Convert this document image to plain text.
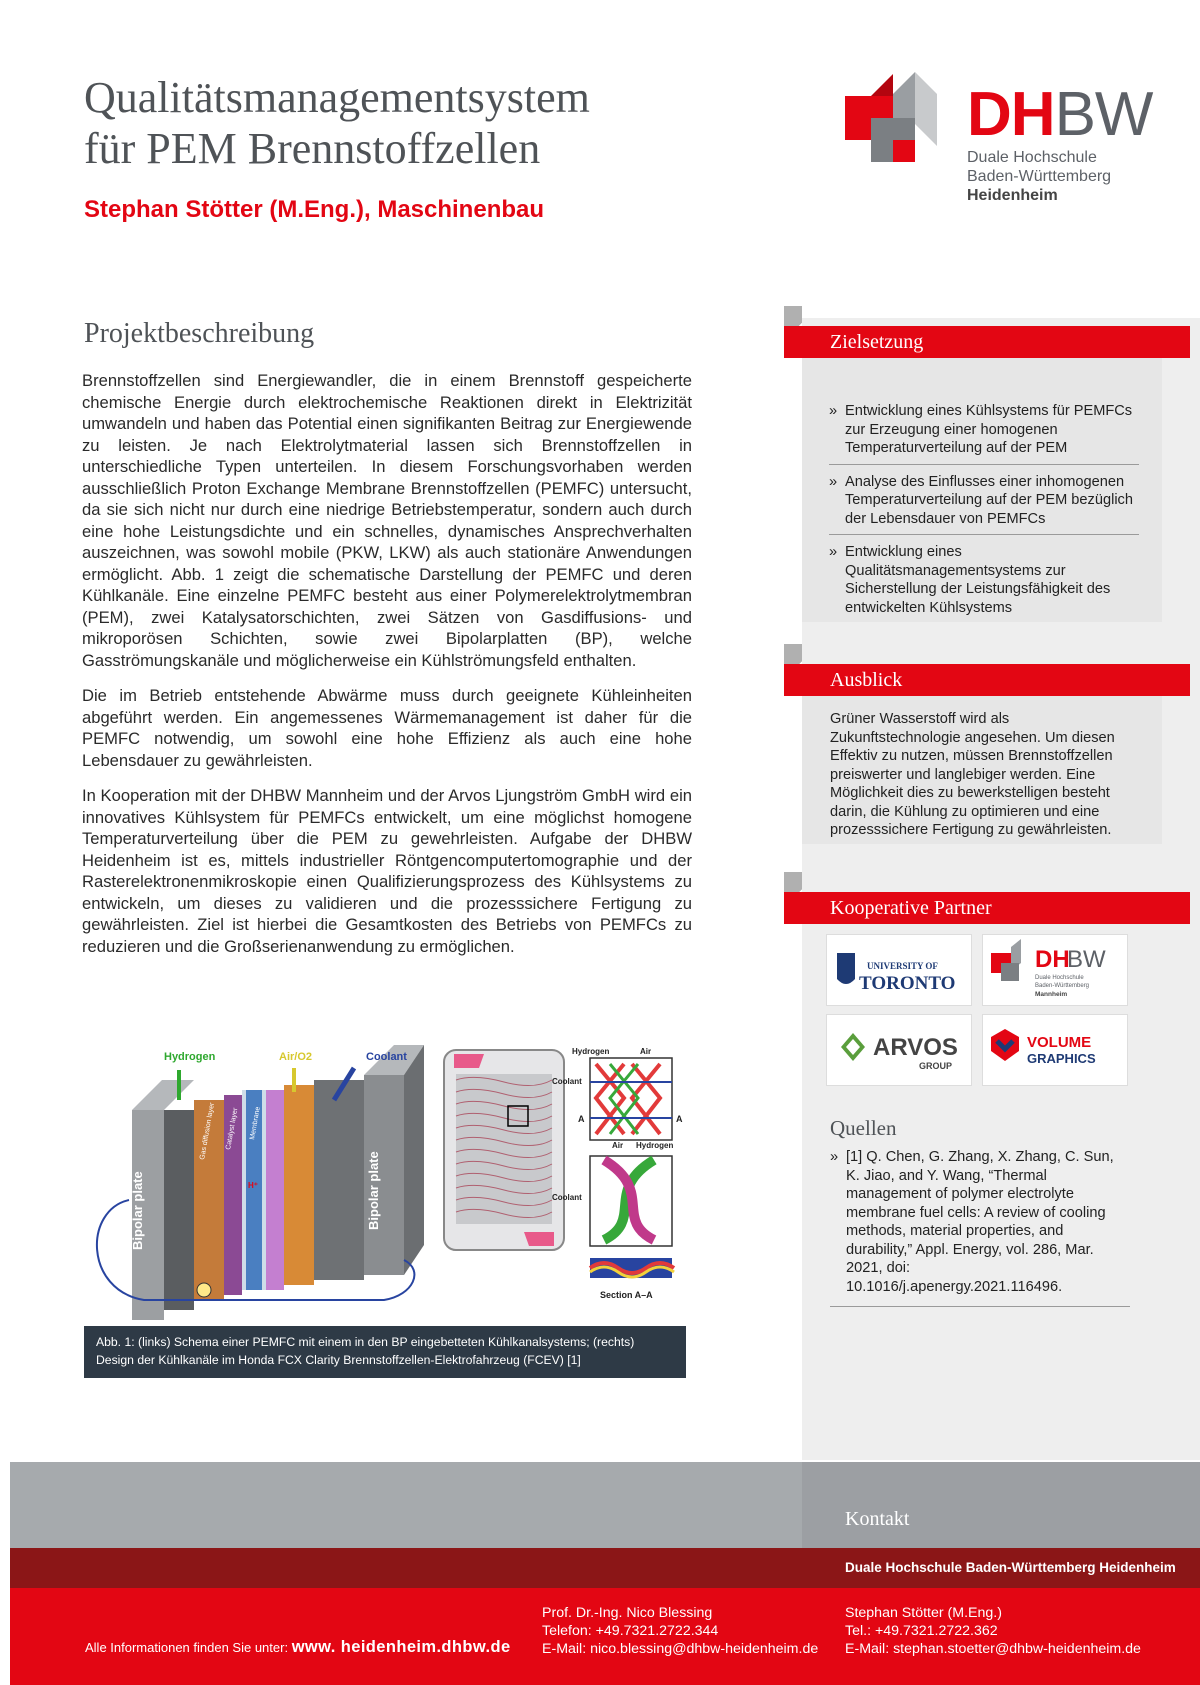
Qualitätsmanagementsystem
für PEM Brennstoffzellen
Stephan Stötter (M.Eng.), Maschinenbau
DHBW
Duale Hochschule
Baden-Württemberg
Heidenheim
Projektbeschreibung

Brennstoffzellen sind Energiewandler, die in einem Brennstoff gespeicherte chemische Energie durch elektrochemische Reaktionen direkt in Elektrizität umwandeln und haben das Potential einen signifikanten Beitrag zur Energiewende zu leisten. Je nach Elektrolytmaterial lassen sich Brennstoffzellen in unterschiedliche Typen unterteilen. In diesem Forschungsvorhaben werden ausschließlich Proton Exchange Membrane Brennstoffzellen (PEMFC) untersucht, da sie sich nicht nur durch eine niedrige Betriebstemperatur, sondern auch durch eine hohe Leistungsdichte und ein schnelles, dynamisches Ansprechverhalten auszeichnen, was sowohl mobile (PKW, LKW) als auch stationäre Anwendungen ermöglicht. Abb. 1 zeigt die schematische Darstellung der PEMFC und deren Kühlkanäle. Eine einzelne PEMFC besteht aus einer Polymerelektrolytmembran (PEM), zwei Katalysatorschichten, zwei Sätzen von Gasdiffusions- und mikroporösen Schichten, sowie zwei Bipolarplatten (BP), welche Gasströmungskanäle und möglicherweise ein Kühlströmungsfeld enthalten.

Die im Betrieb entstehende Abwärme muss durch geeignete Kühleinheiten abgeführt werden. Ein angemessenes Wärmemanagement ist daher für die PEMFC notwendig, um sowohl eine hohe Effizienz als auch eine hohe Lebensdauer zu gewährleisten.

In Kooperation mit der DHBW Mannheim und der Arvos Ljungström GmbH wird ein innovatives Kühlsystem für PEMFCs entwickelt, um eine möglichst homogene Temperaturverteilung über die PEM zu gewehrleisten. Aufgabe der DHBW Heidenheim ist es, mittels industrieller Röntgencomputertomographie und der Rasterelektronenmikroskopie einen Qualifizierungsprozess des Kühlsystems zu entwickeln, um dieses zu validieren und die prozesssichere Fertigung zu gewährleisten. Ziel ist hierbei die Gesamtkosten des Betriebs von PEMFCs zu reduzieren und die Großserienanwendung zu ermöglichen.

Bipolar plate	Bipolar plate
Gas diffusion layer Catalyst layer Membrane
H⁺
Hydrogen	Air/O2	Coolant	Hydrogen	Air
Coolant
A	A
Air Hydrogen
Coolant
Section A–A
Abb. 1: (links) Schema einer PEMFC mit einem in den BP eingebetteten Kühlkanalsystems; (rechts)
Design der Kühlkanäle im Honda FCX Clarity Brennstoffzellen-Elektrofahrzeug (FCEV) [1]
Zielsetzung
» Entwicklung eines Kühlsystems für PEMFCs zur Erzeugung einer homogenen Temperaturverteilung auf der PEM
» Analyse des Einflusses einer inhomogenen Temperaturverteilung auf der PEM bezüglich der Lebensdauer von PEMFCs
» Entwicklung eines Qualitätsmanagementsystems zur Sicherstellung der Leistungsfähigkeit des entwickelten Kühlsystems
Ausblick
Grüner Wasserstoff wird als Zukunftstechnologie angesehen. Um diesen Effektiv zu nutzen, müssen Brennstoffzellen preiswerter und langlebiger werden. Eine Möglichkeit dies zu bewerkstelligen besteht darin, die Kühlung zu optimieren und eine prozesssichere Fertigung zu gewährleisten.
Kooperative Partner
UNIVERSITY OF
TORONTO
DH
BW
Duale Hochschule
Baden-Württemberg
Mannheim
ARVOS
GROUP
VOLUME
GRAPHICS
Quellen
» [1] Q. Chen, G. Zhang, X. Zhang, C. Sun, K. Jiao, and Y. Wang, “Thermal management of polymer electrolyte membrane fuel cells: A review of cooling methods, material properties, and durability,” Appl. Energy, vol. 286, Mar. 2021, doi: 10.1016/j.apenergy.2021.116496.
Kontakt
Duale Hochschule Baden-Württemberg Heidenheim
Alle Informationen finden Sie unter: www. heidenheim.dhbw.de
Prof. Dr.-Ing. Nico Blessing
Telefon: +49.7321.2722.344
E-Mail: nico.blessing@dhbw-heidenheim.de
Stephan Stötter (M.Eng.)
Tel.: +49.7321.2722.362
E-Mail: stephan.stoetter@dhbw-heidenheim.de
